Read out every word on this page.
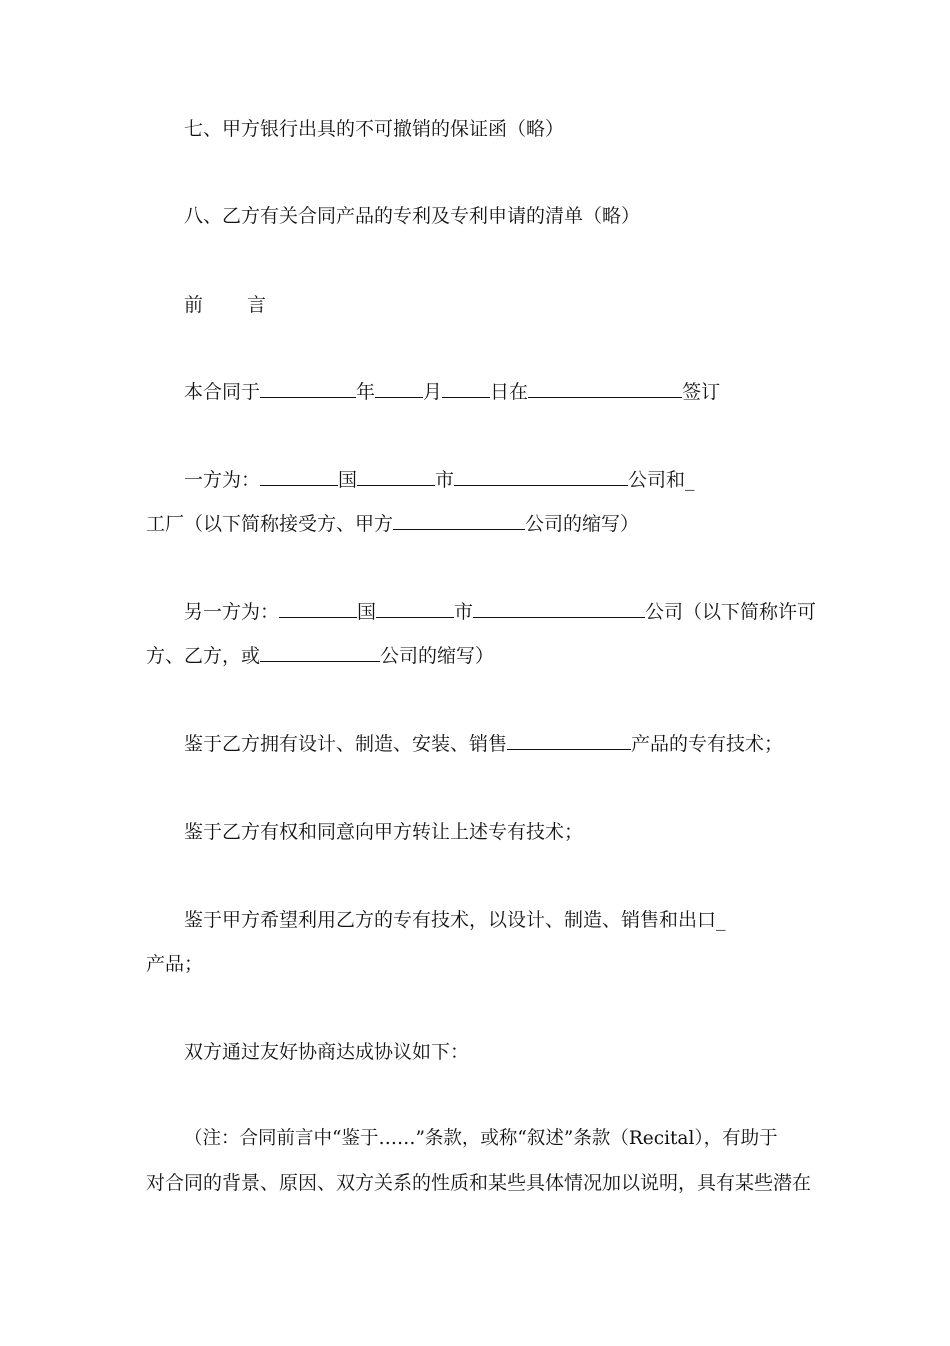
七、甲方银行出具的不可撤销的保证函（略）
八、乙方有关合同产品的专利及专利申请的清单（略）
前 言
本合同于	年	月	日在	签订
一方为：	国	市	公司和_
工厂（以下简称接受方、甲方	公司的缩写）
另一方为：	国	市	公司（以下简称许可
方、乙方，或	公司的缩写）
鉴于乙方拥有设计、制造、安装、销售	产品的专有技术；
鉴于乙方有权和同意向甲方转让上述专有技术；
鉴于甲方希望利用乙方的专有技术，以设计、制造、销售和出口_
产品；
双方通过友好协商达成协议如下：
（注：合同前言中“鉴于……”条款，或称“叙述”条款（Recital），有助于
对合同的背景、原因、双方关系的性质和某些具体情况加以说明，具有某些潜在
